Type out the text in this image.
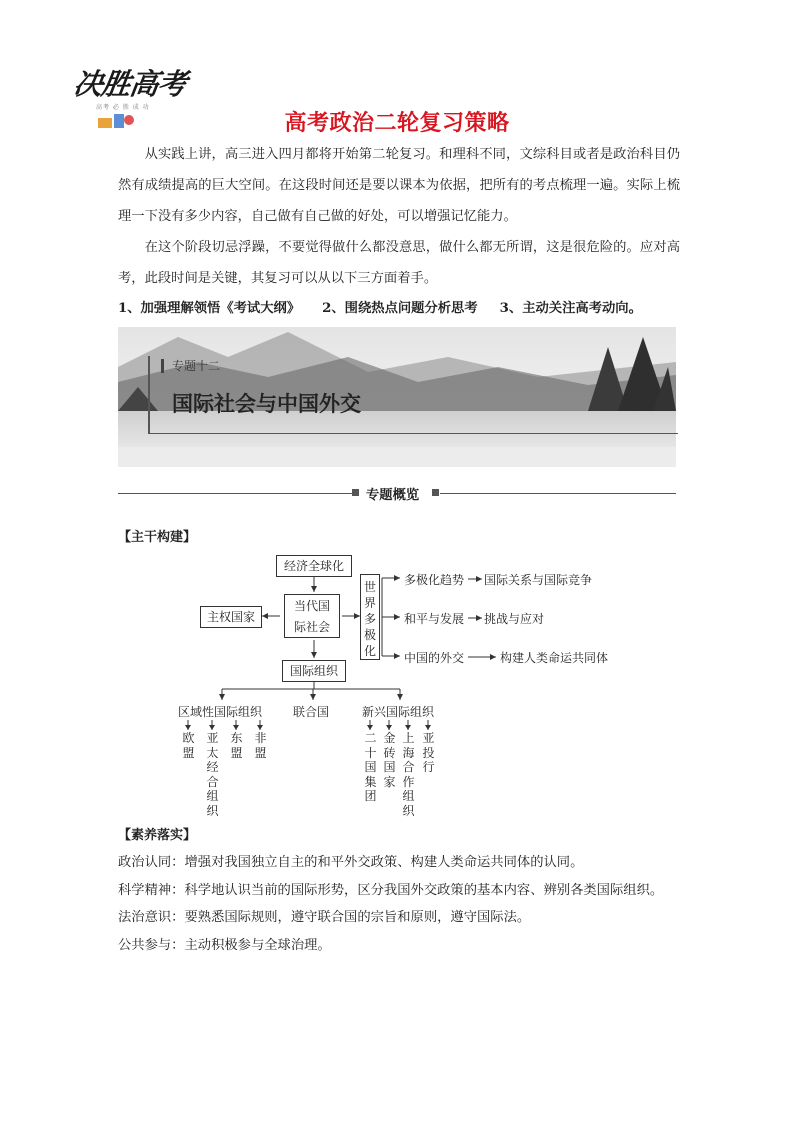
决胜高考
高考 必 胜 成 功
高考政治二轮复习策略

从实践上讲，高三进入四月都将开始第二轮复习。和理科不同，文综科目或者是政治科目仍然有成绩提高的巨大空间。在这段时间还是要以课本为依据，把所有的考点梳理一遍。实际上梳理一下没有多少内容，自己做有自己做的好处，可以增强记忆能力。

在这个阶段切忌浮躁，不要觉得做什么都没意思，做什么都无所谓，这是很危险的。应对高考，此段时间是关键，其复习可以从以下三方面着手。

1、加强理解领悟《考试大纲》 2、围绕热点问题分析思考 3、主动关注高考动向。
专题十二
国际社会与中国外交
专题概览
【主干构建】
经济全球化
主权国家
当代国际社会
国际组织
世界多极化
多极化趋势 国际关系与国际竞争
和平与发展 挑战与应对
中国的外交	构建人类命运共同体
区域性国际组织	联合国	新兴国际组织
欧盟
亚太经合组织
东盟
非盟
二十国集团
金砖国家
上海合作组织
亚投行
【素养落实】

政治认同：增强对我国独立自主的和平外交政策、构建人类命运共同体的认同。

科学精神：科学地认识当前的国际形势，区分我国外交政策的基本内容、辨别各类国际组织。

法治意识：要熟悉国际规则，遵守联合国的宗旨和原则，遵守国际法。

公共参与：主动积极参与全球治理。
